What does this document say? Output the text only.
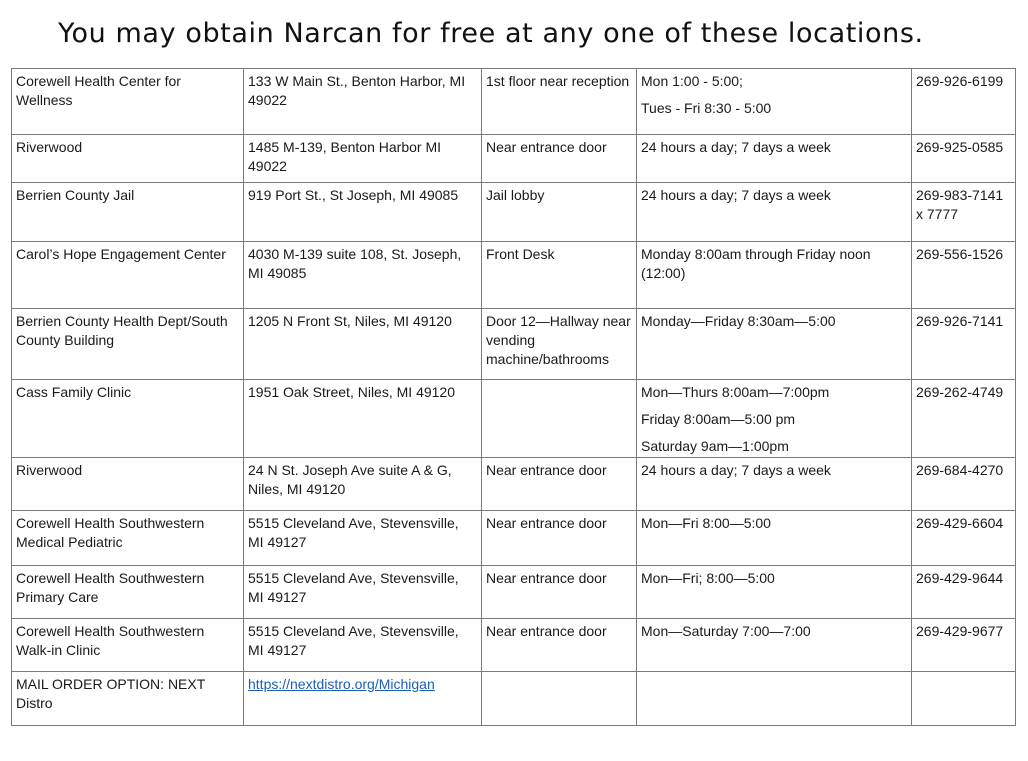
You may obtain Narcan for free at any one of these locations.
Corewell Health Center for Wellness	133 W Main St., Benton Harbor, MI 49022	1st floor near reception	Mon 1:00 - 5:00;
Tues - Fri 8:30 - 5:00	269-926-6199
Riverwood	1485 M-139, Benton Harbor MI 49022	Near entrance door	24 hours a day; 7 days a week	269-925-0585
Berrien County Jail	919 Port St., St Joseph, MI 49085	Jail lobby	24 hours a day; 7 days a week	269-983-7141 x 7777
Carol’s Hope Engagement Center	4030 M-139 suite 108, St. Joseph, MI 49085	Front Desk	Monday 8:00am through Friday noon (12:00)	269-556-1526
Berrien County Health Dept/South County Building	1205 N Front St, Niles, MI 49120	Door 12—Hallway near vending machine/bathrooms	Monday—Friday 8:30am—5:00	269-926-7141
Cass Family Clinic	1951 Oak Street, Niles, MI 49120		Mon—Thurs 8:00am—7:00pm
Friday 8:00am—5:00 pm
Saturday 9am—1:00pm	269-262-4749
Riverwood	24 N St. Joseph Ave suite A & G, Niles, MI 49120	Near entrance door	24 hours a day; 7 days a week	269-684-4270
Corewell Health Southwestern Medical Pediatric	5515 Cleveland Ave, Stevensville, MI 49127	Near entrance door	Mon—Fri 8:00—5:00	269-429-6604
Corewell Health Southwestern Primary Care	5515 Cleveland Ave, Stevensville, MI 49127	Near entrance door	Mon—Fri; 8:00—5:00	269-429-9644
Corewell Health Southwestern Walk-in Clinic	5515 Cleveland Ave, Stevensville, MI 49127	Near entrance door	Mon—Saturday 7:00—7:00	269-429-9677
MAIL ORDER OPTION: NEXT Distro	https://nextdistro.org/Michigan			
